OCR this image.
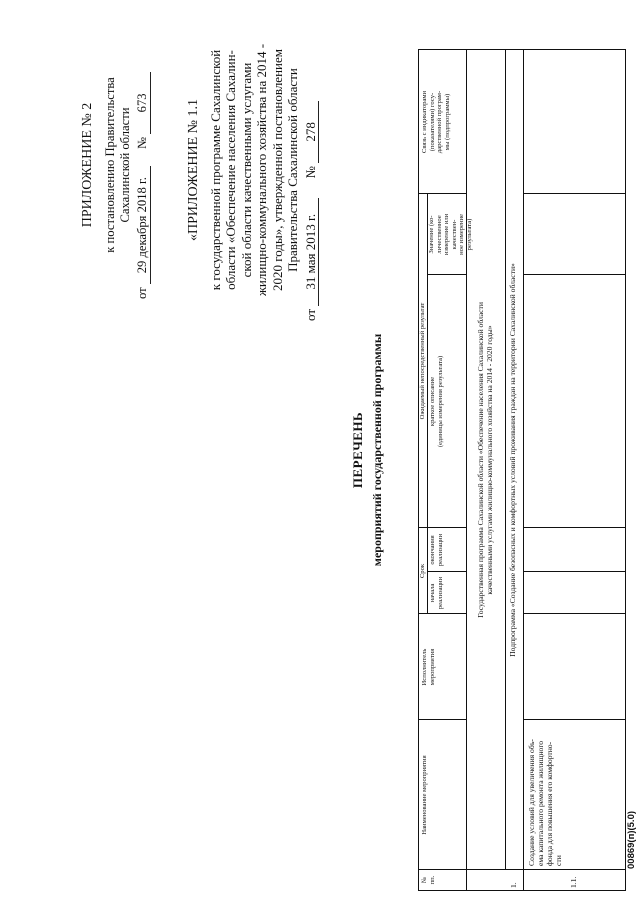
ПРИЛОЖЕНИЕ № 2 к постановлению Правительства Сахалинской области
от 29 декабря 2018 г. № 673	«ПРИЛОЖЕНИЕ № 1.1 к государственной программе Сахалинской области «Обеспечение населения Сахалин- ской области качественными услугами жилищно-коммунального хозяйства на 2014 - 2020 годы», утвержденной постановлением Правительства Сахалинской области
от 31 мая 2013 г. № 278
ПЕРЕЧЕНЬ мероприятий государственной программы
№
пп.
Наименование мероприятия
Исполнитель
мероприятия
Срок
начала
реализации
окончания
реализации
Ожидаемый непосредственный результат краткое описание
(единицы измерения результата)
Значение (ко-
личественное
измерение или
качествен-
ное измерение
результата)
Связь с индикаторами
(показателями) госу-
дарственной програм-
мы (подпрограммы)
Государственная программа Сахалинской области «Обеспечение населения Сахалинской области
качественными услугами жилищно-коммунального хозяйства на 2014 - 2020 годы»
1.
Подпрограмма «Создание безопасных и комфортных условий проживания граждан на территории Сахалинской области»
1.1.
Создание условий для увеличения объ-
ема капитального ремонта жилищного
фонда для повышения его комфортно-
сти	00869(п)(5.0)
